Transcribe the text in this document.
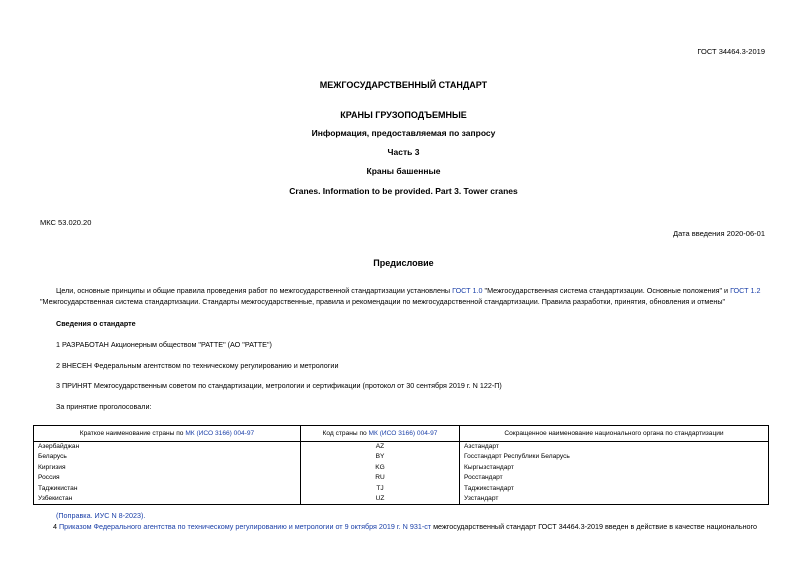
ГОСТ 34464.3-2019
МЕЖГОСУДАРСТВЕННЫЙ СТАНДАРТ
КРАНЫ ГРУЗОПОДЪЕМНЫЕ
Информация, предоставляемая по запросу
Часть 3
Краны башенные
Cranes. Information to be provided. Part 3. Tower cranes
МКС 53.020.20
Дата введения 2020-06-01
Предисловие
Цели, основные принципы и общие правила проведения работ по межгосударственной стандартизации установлены ГОСТ 1.0 "Межгосударственная система стандартизации. Основные положения" и ГОСТ 1.2 "Межгосударственная система стандартизации. Стандарты межгосударственные, правила и рекомендации по межгосударственной стандартизации. Правила разработки, принятия, обновления и отмены"
Сведения о стандарте
1 РАЗРАБОТАН Акционерным обществом "РАТТЕ" (АО "РАТТЕ")
2 ВНЕСЕН Федеральным агентством по техническому регулированию и метрологии
3 ПРИНЯТ Межгосударственным советом по стандартизации, метрологии и сертификации (протокол от 30 сентября 2019 г. N 122-П)
За принятие проголосовали:
Краткое наименование страны по МК (ИСО 3166) 004-97	Код страны по МК (ИСО 3166) 004-97	Сокращенное наименование национального органа по стандартизации
Азербайджан	AZ	Азстандарт
Беларусь	BY	Госстандарт Республики Беларусь
Киргизия	KG	Кыргызстандарт
Россия	RU	Росстандарт
Таджикистан	TJ	Таджикстандарт
Узбекистан	UZ	Узстандарт
(Поправка. ИУС N 8-2023).
4 Приказом Федерального агентства по техническому регулированию и метрологии от 9 октября 2019 г. N 931-ст межгосударственный стандарт ГОСТ 34464.3-2019 введен в действие в качестве национального
